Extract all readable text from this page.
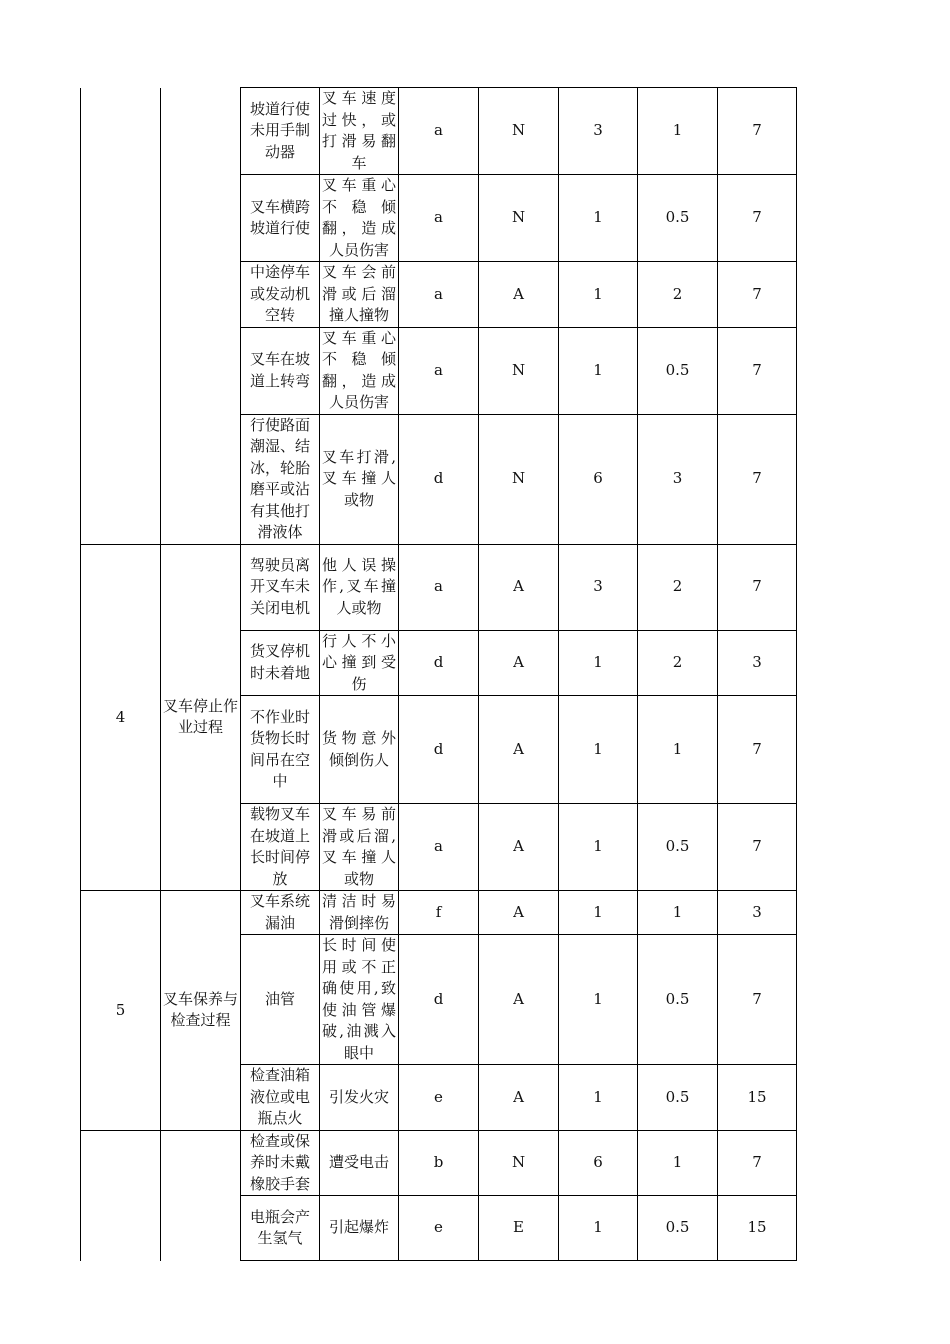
		坡道行使未用手制动器	叉车速度过快，或打滑易翻车	a	N	3	1	7
		叉车横跨坡道行使	叉车重心不稳倾翻，造成人员伤害	a	N	1	0.5	7
		中途停车或发动机空转	叉车会前滑或后溜撞人撞物	a	A	1	2	7
		叉车在坡道上转弯	叉车重心不稳倾翻，造成人员伤害	a	N	1	0.5	7
		行使路面潮湿、结冰，轮胎磨平或沾有其他打滑液体	叉车打滑,叉车撞人或物	d	N	6	3	7
4	叉车停止作业过程	驾驶员离开叉车未关闭电机	他人误操作,叉车撞人或物	a	A	3	2	7
		货叉停机时未着地	行人不小心撞到受伤	d	A	1	2	3
		不作业时货物长时间吊在空中	货物意外倾倒伤人	d	A	1	1	7
		载物叉车在坡道上长时间停放	叉车易前滑或后溜,叉车撞人或物	a	A	1	0.5	7
5	叉车保养与检查过程	叉车系统漏油	清洁时易滑倒摔伤	f	A	1	1	3
		油管	长时间使用或不正确使用,致使油管爆破,油溅入眼中	d	A	1	0.5	7
		检查油箱液位或电瓶点火	引发火灾	e	A	1	0.5	15
		检查或保养时未戴橡胶手套	遭受电击	b	N	6	1	7
		电瓶会产生氢气	引起爆炸	e	E	1	0.5	15
